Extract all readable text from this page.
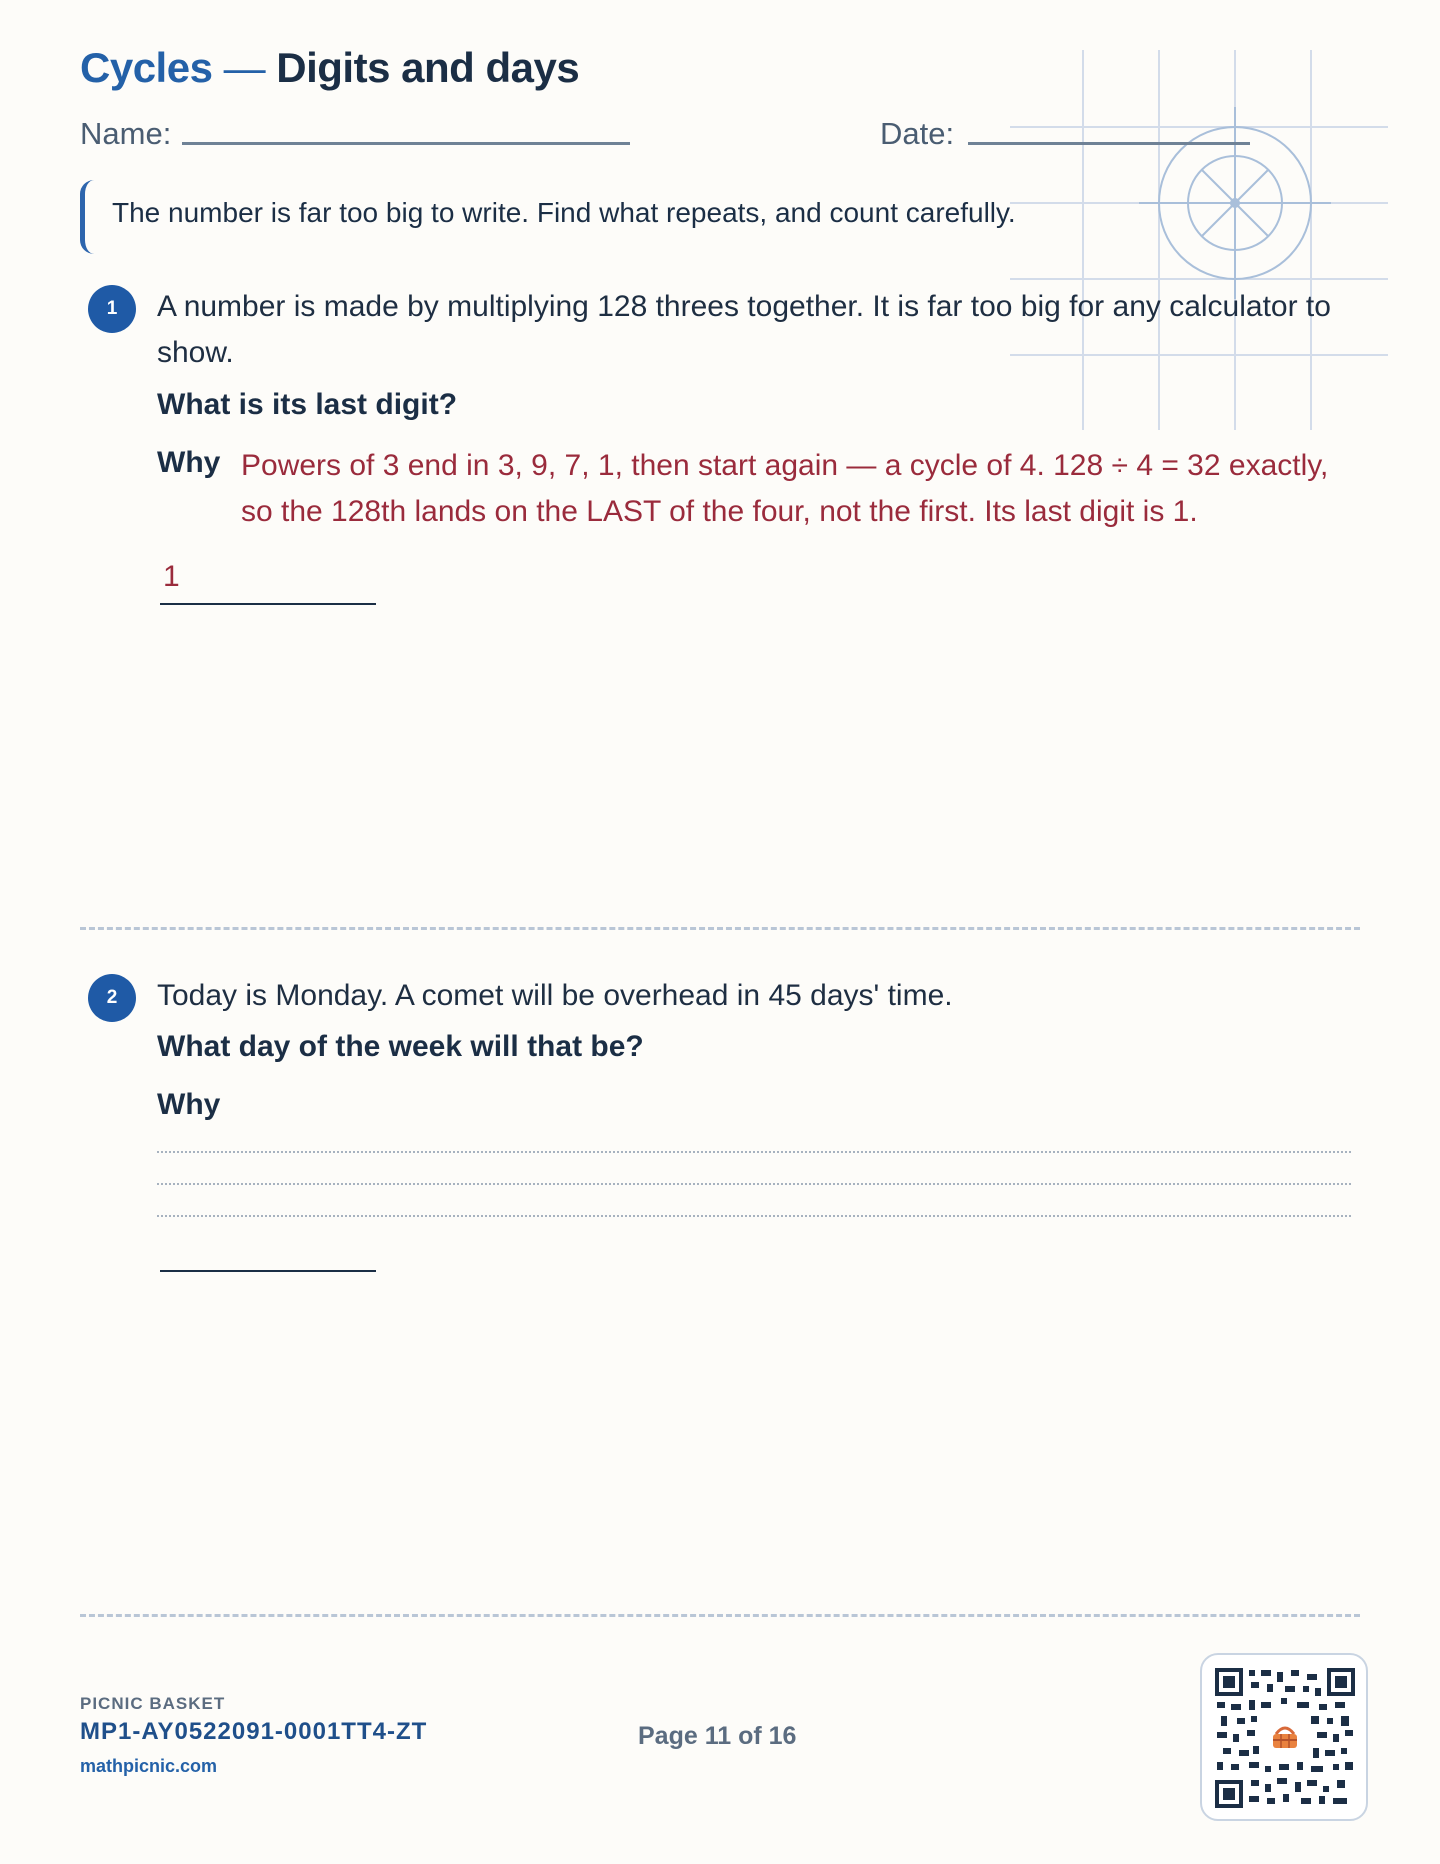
Cycles — Digits and days
Name:	Date:
The number is far too big to write. Find what repeats, and count carefully.
1	A number is made by multiplying 128 threes together. It is far too big for any calculator to show.
What is its last digit?
Why Powers of 3 end in 3, 9, 7, 1, then start again — a cycle of 4. 128 ÷ 4 = 32 exactly, so the 128th lands on the LAST of the four, not the first. Its last digit is 1.
1
2	Today is Monday. A comet will be overhead in 45 days' time.
What day of the week will that be?
Why
PICNIC BASKET
MP1-AY0522091-0001TT4-ZT
mathpicnic.com
Page 11 of 16
